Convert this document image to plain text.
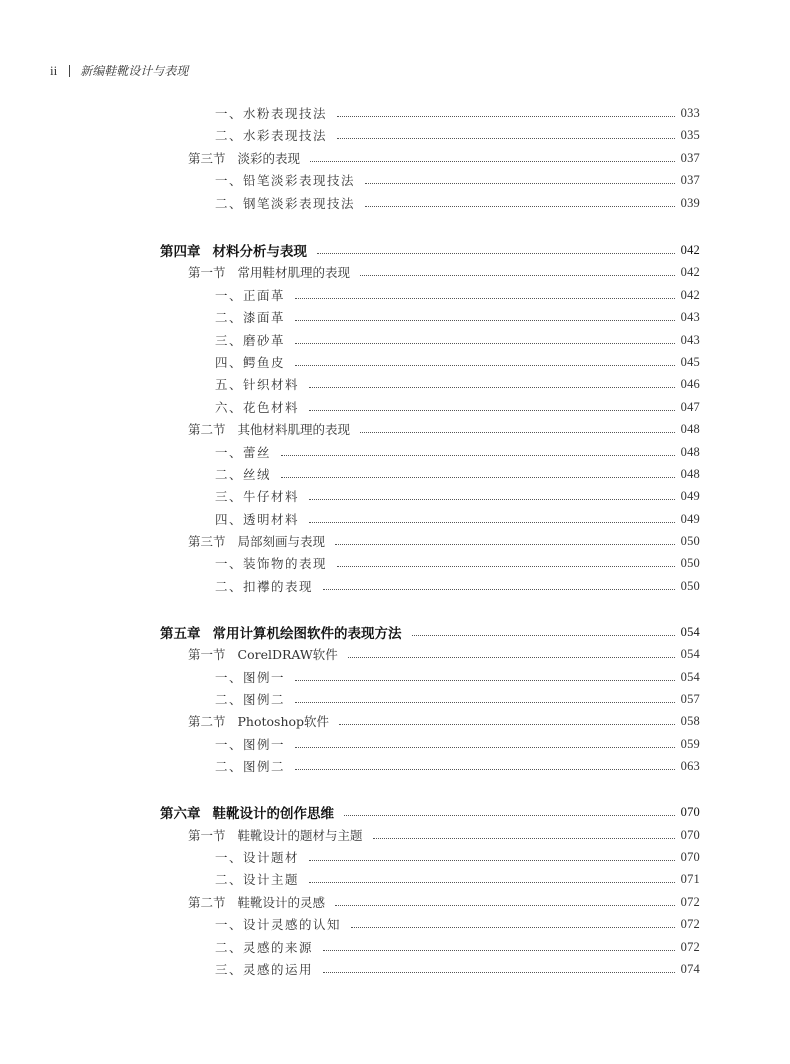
ii 新编鞋靴设计与表现
一、水粉表现技法	033
二、水彩表现技法	035
第三节 淡彩的表现	037
一、铅笔淡彩表现技法	037
二、钢笔淡彩表现技法	039
第四章 材料分析与表现	042
第一节 常用鞋材肌理的表现	042
一、正面革	042
二、漆面革	043
三、磨砂革	043
四、鳄鱼皮	045
五、针织材料	046
六、花色材料	047
第二节 其他材料肌理的表现	048
一、蕾丝	048
二、丝绒	048
三、牛仔材料	049
四、透明材料	049
第三节 局部刻画与表现	050
一、装饰物的表现	050
二、扣襻的表现	050
第五章 常用计算机绘图软件的表现方法	054
第一节 CorelDRAW软件	054
一、图例一	054
二、图例二	057
第二节 Photoshop软件	058
一、图例一	059
二、图例二	063
第六章 鞋靴设计的创作思维	070
第一节 鞋靴设计的题材与主题	070
一、设计题材	070
二、设计主题	071
第二节 鞋靴设计的灵感	072
一、设计灵感的认知	072
二、灵感的来源	072
三、灵感的运用	074
